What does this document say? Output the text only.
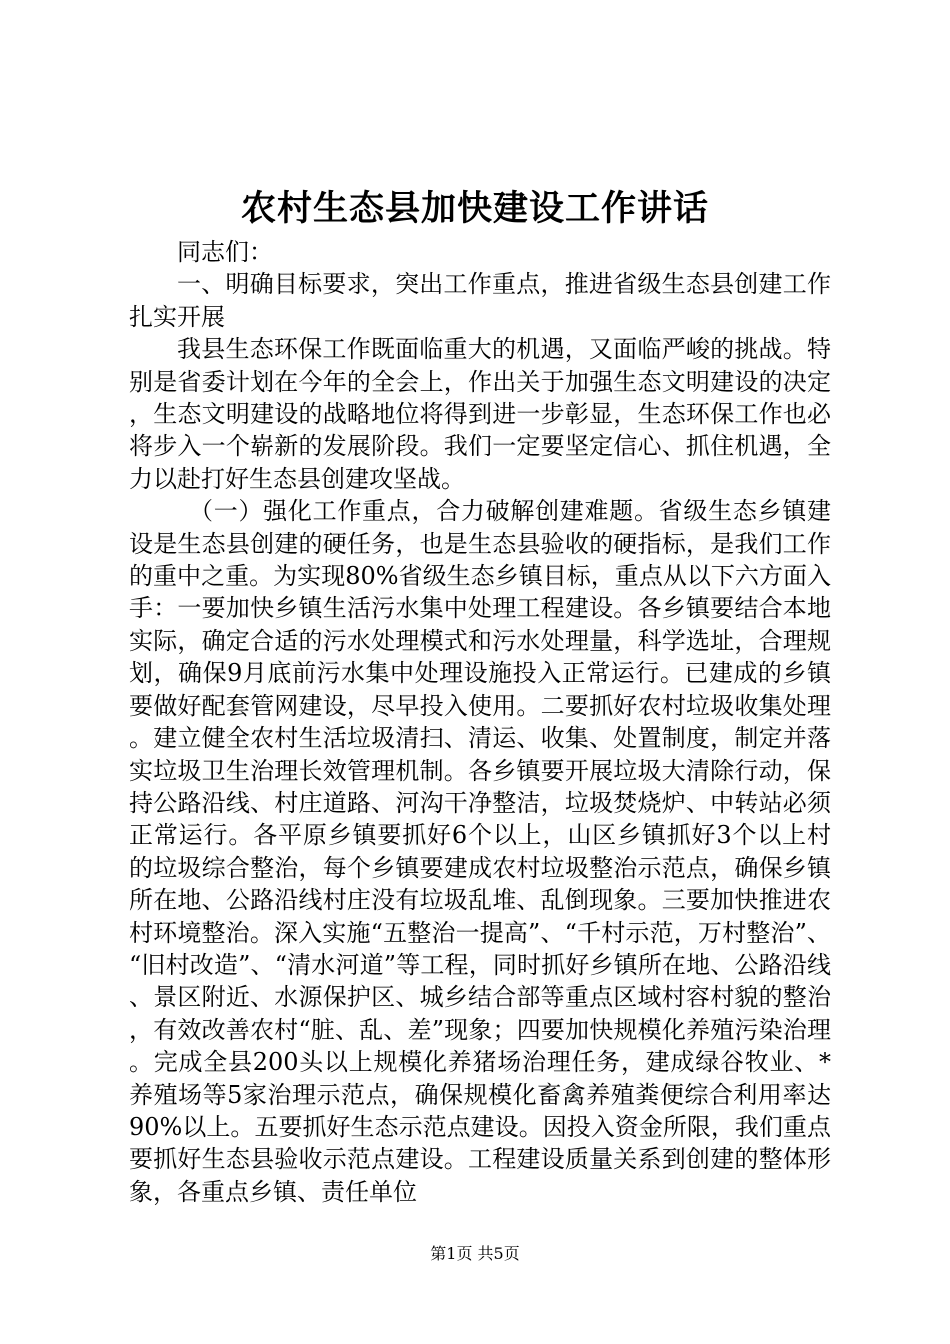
农村生态县加快建设工作讲话

同志们：

一、明确目标要求，突出工作重点，推进省级生态县创建工作扎实开展

我县生态环保工作既面临重大的机遇，又面临严峻的挑战。特别是省委计划在今年的全会上，作出关于加强生态文明建设的决定，生态文明建设的战略地位将得到进一步彰显，生态环保工作也必将步入一个崭新的发展阶段。我们一定要坚定信心、抓住机遇，全力以赴打好生态县创建攻坚战。

（一）强化工作重点，合力破解创建难题。省级生态乡镇建设是生态县创建的硬任务，也是生态县验收的硬指标，是我们工作的重中之重。为实现80%省级生态乡镇目标，重点从以下六方面入手：一要加快乡镇生活污水集中处理工程建设。各乡镇要结合本地实际，确定合适的污水处理模式和污水处理量，科学选址，合理规划，确保9月底前污水集中处理设施投入正常运行。已建成的乡镇要做好配套管网建设，尽早投入使用。二要抓好农村垃圾收集处理。建立健全农村生活垃圾清扫、清运、收集、处置制度，制定并落实垃圾卫生治理长效管理机制。各乡镇要开展垃圾大清除行动，保持公路沿线、村庄道路、河沟干净整洁，垃圾焚烧炉、中转站必须正常运行。各平原乡镇要抓好6个以上，山区乡镇抓好3个以上村的垃圾综合整治，每个乡镇要建成农村垃圾整治示范点，确保乡镇所在地、公路沿线村庄没有垃圾乱堆、乱倒现象。三要加快推进农村环境整治。深入实施“五整治一提高”、“千村示范，万村整治”、“旧村改造”、“清水河道”等工程，同时抓好乡镇所在地、公路沿线、景区附近、水源保护区、城乡结合部等重点区域村容村貌的整治，有效改善农村“脏、乱、差”现象；四要加快规模化养殖污染治理。完成全县200头以上规模化养猪场治理任务，建成绿谷牧业、*养殖场等5家治理示范点，确保规模化畜禽养殖粪便综合利用率达90%以上。五要抓好生态示范点建设。因投入资金所限，我们重点要抓好生态县验收示范点建设。工程建设质量关系到创建的整体形象，各重点乡镇、责任单位

第1页 共5页
